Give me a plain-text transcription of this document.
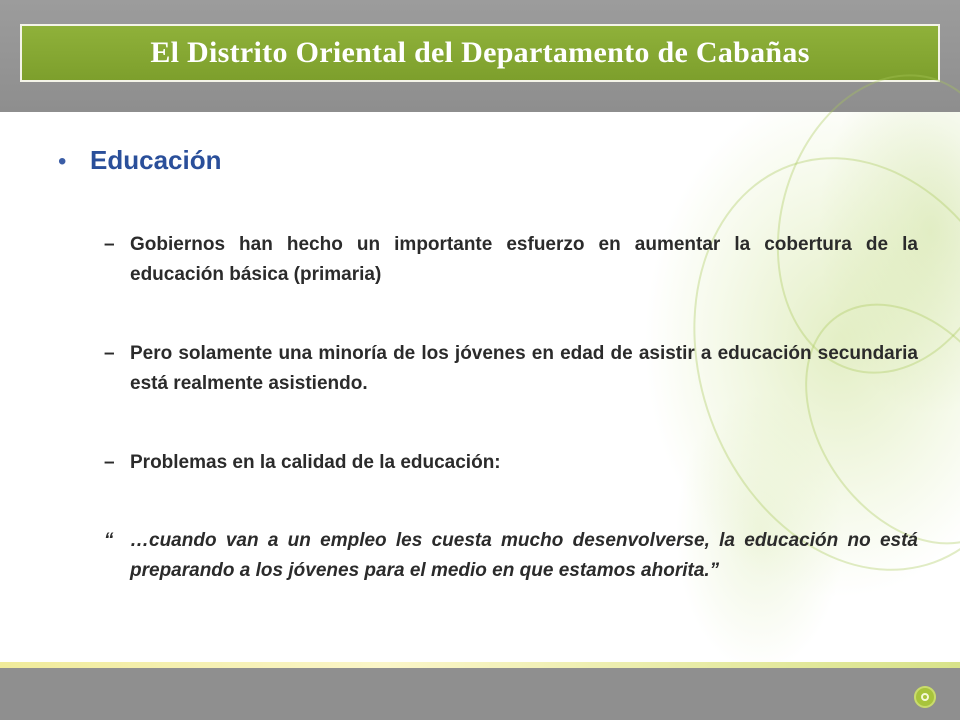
El Distrito Oriental del Departamento de Cabañas
• Educación
– Gobiernos han hecho un importante esfuerzo en aumentar la cobertura de la educación básica (primaria)
– Pero solamente una minoría de los jóvenes en edad de asistir a educación secundaria está realmente asistiendo.
– Problemas en la calidad de la educación:
“ …cuando van a un empleo les cuesta mucho desenvolverse, la educación no está preparando a los jóvenes para el medio en que estamos ahorita.”
